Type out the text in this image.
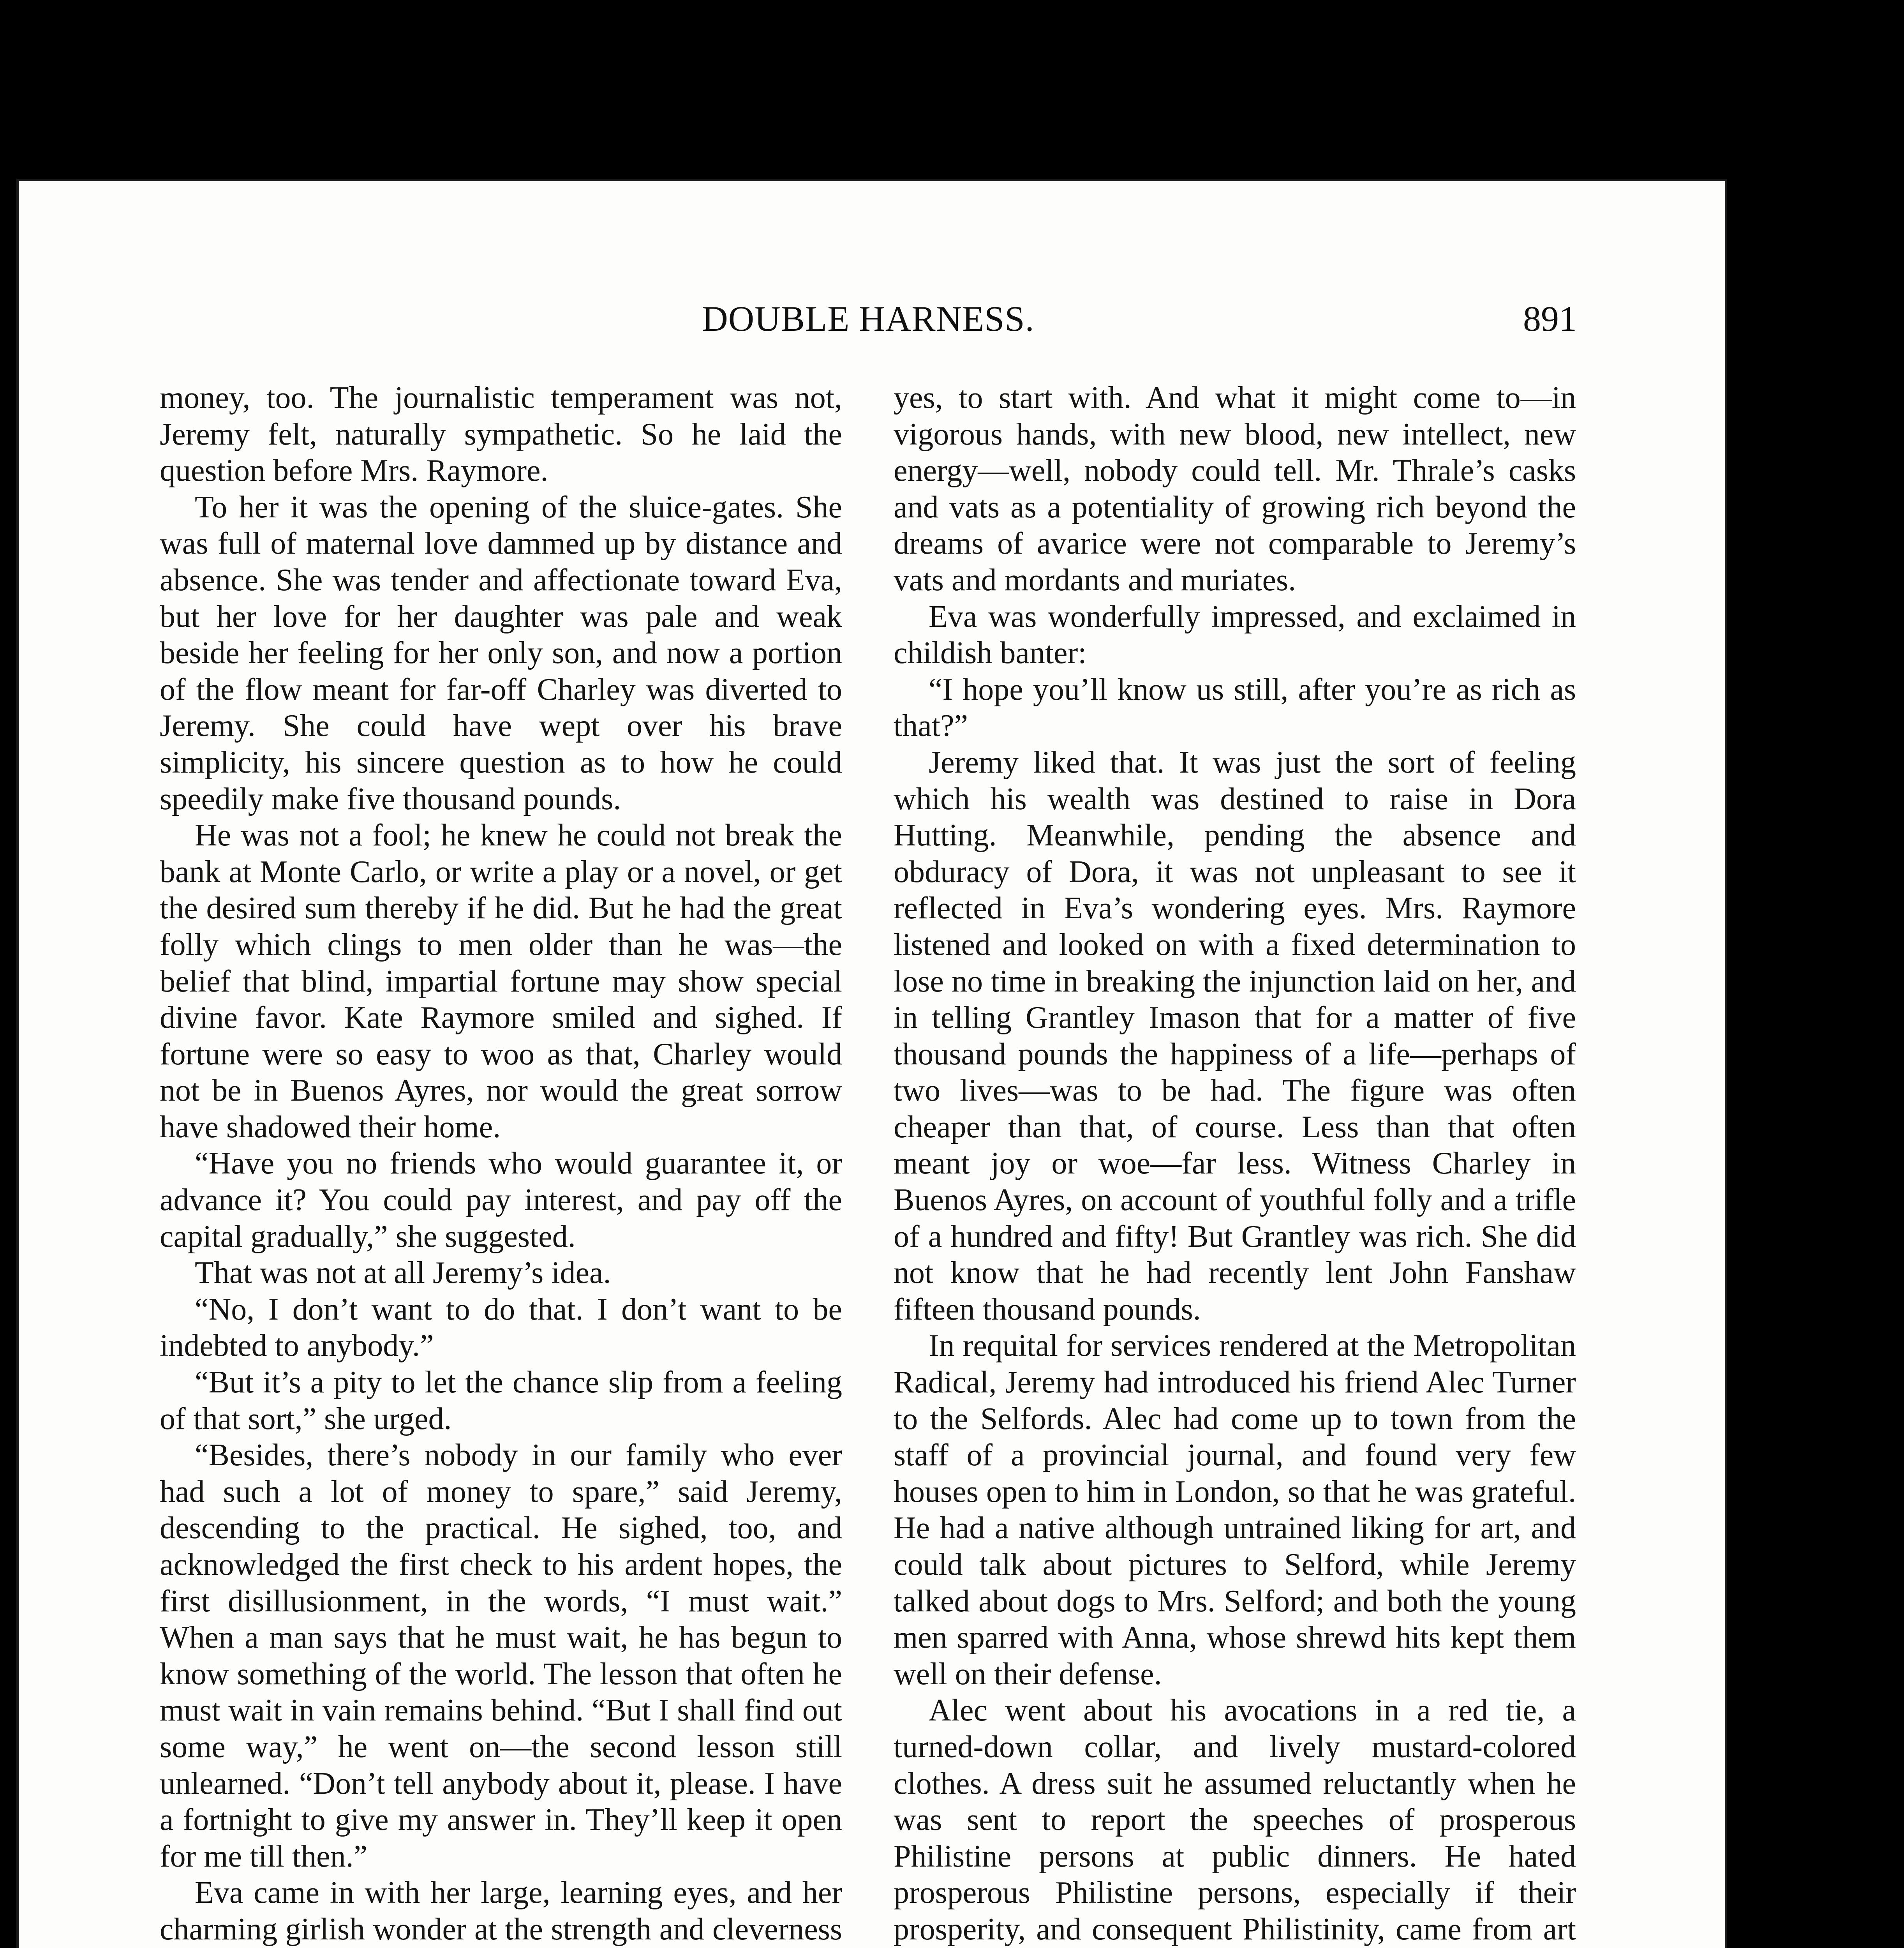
DOUBLE HARNESS.	891

money, too. The journalistic temperament was not, Jeremy felt, naturally sympathetic. So he laid the question before Mrs. Raymore.

To her it was the opening of the sluice-gates. She was full of maternal love dammed up by distance and absence. She was tender and affectionate toward Eva, but her love for her daughter was pale and weak beside her feeling for her only son, and now a portion of the flow meant for far-off Charley was diverted to Jeremy. She could have wept over his brave simplicity, his sincere question as to how he could speedily make five thousand pounds.

He was not a fool; he knew he could not break the bank at Monte Carlo, or write a play or a novel, or get the desired sum thereby if he did. But he had the great folly which clings to men older than he was—the belief that blind, impartial fortune may show special divine favor. Kate Raymore smiled and sighed. If fortune were so easy to woo as that, Charley would not be in Buenos Ayres, nor would the great sorrow have shadowed their home.

“Have you no friends who would guarantee it, or advance it? You could pay interest, and pay off the capital gradually,” she suggested.

That was not at all Jeremy’s idea.

“No, I don’t want to do that. I don’t want to be indebted to anybody.”

“But it’s a pity to let the chance slip from a feeling of that sort,” she urged.

“Besides, there’s nobody in our family who ever had such a lot of money to spare,” said Jeremy, descending to the practical. He sighed, too, and acknowledged the first check to his ardent hopes, the first disillusionment, in the words, “I must wait.” When a man says that he must wait, he has begun to know something of the world. The lesson that often he must wait in vain remains behind. “But I shall find out some way,” he went on—the second lesson still unlearned. “Don’t tell anybody about it, please. I have a fortnight to give my answer in. They’ll keep it open for me till then.”

Eva came in with her large, learning eyes, and her charming girlish wonder at the strength and cleverness

yes, to start with. And what it might come to—in vigorous hands, with new blood, new intellect, new energy—well, nobody could tell. Mr. Thrale’s casks and vats as a potentiality of growing rich beyond the dreams of avarice were not comparable to Jeremy’s vats and mordants and muriates.

Eva was wonderfully impressed, and exclaimed in childish banter:

“I hope you’ll know us still, after you’re as rich as that?”

Jeremy liked that. It was just the sort of feeling which his wealth was destined to raise in Dora Hutting. Meanwhile, pending the absence and obduracy of Dora, it was not unpleasant to see it reflected in Eva’s wondering eyes. Mrs. Raymore listened and looked on with a fixed determination to lose no time in breaking the injunction laid on her, and in telling Grantley Imason that for a matter of five thousand pounds the happiness of a life—perhaps of two lives—was to be had. The figure was often cheaper than that, of course. Less than that often meant joy or woe—far less. Witness Charley in Buenos Ayres, on account of youthful folly and a trifle of a hundred and fifty! But Grantley was rich. She did not know that he had recently lent John Fanshaw fifteen thousand pounds.

In requital for services rendered at the Metropolitan Radical, Jeremy had introduced his friend Alec Turner to the Selfords. Alec had come up to town from the staff of a provincial journal, and found very few houses open to him in London, so that he was grateful. He had a native although untrained liking for art, and could talk about pictures to Selford, while Jeremy talked about dogs to Mrs. Selford; and both the young men sparred with Anna, whose shrewd hits kept them well on their defense.

Alec went about his avocations in a red tie, a turned-down collar, and lively mustard-colored clothes. A dress suit he assumed reluctantly when he was sent to report the speeches of prosperous Philistine persons at public dinners. He hated prosperous Philistine persons, especially if their prosperity, and consequent Philistinity, came from art
